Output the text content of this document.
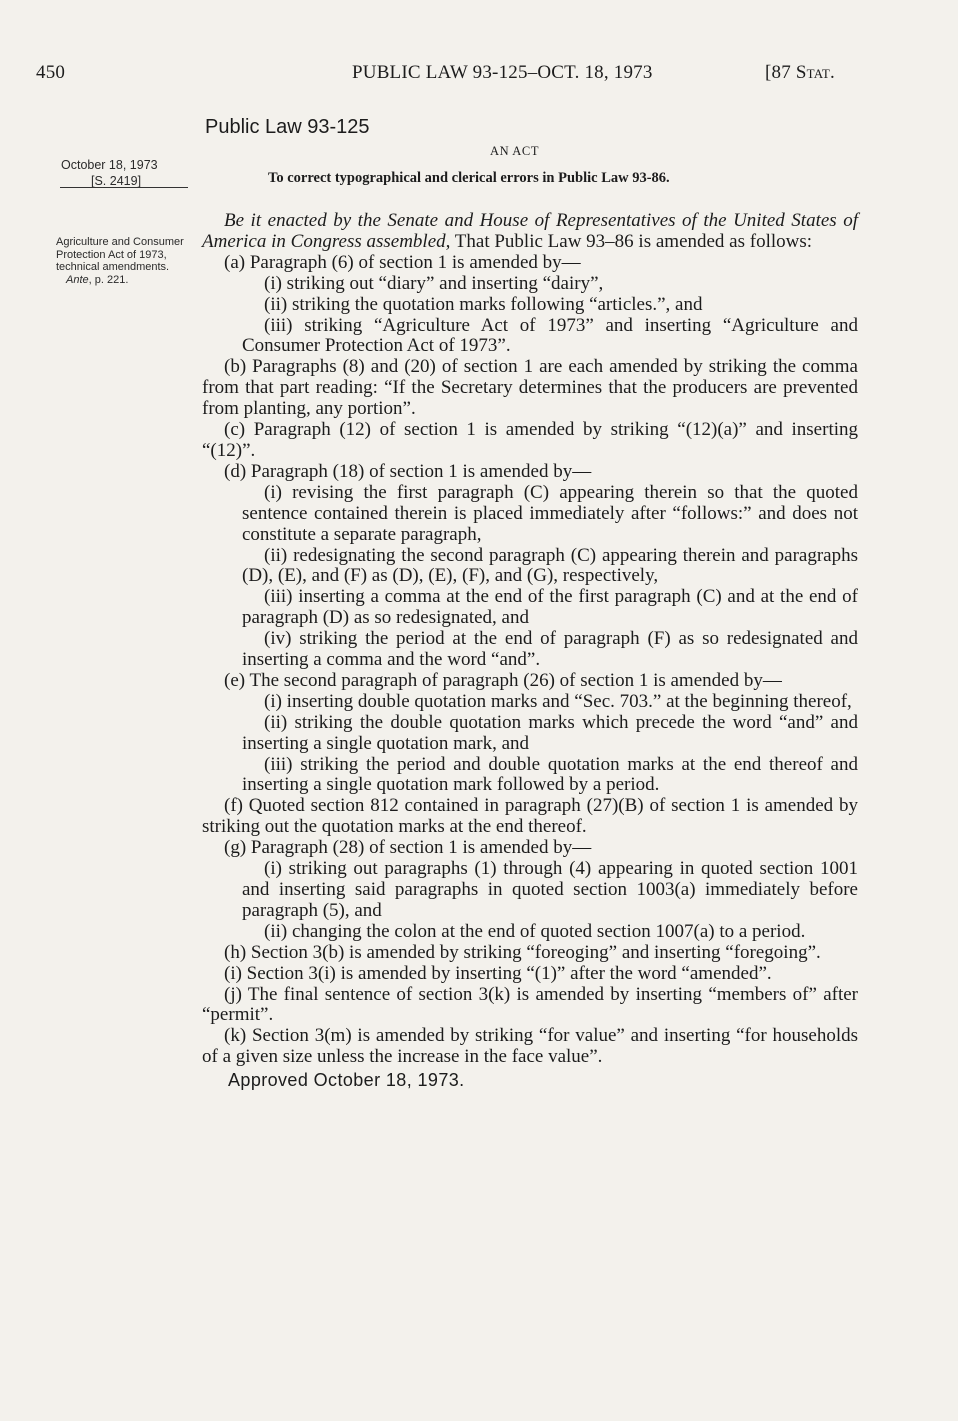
450	PUBLIC LAW 93-125–OCT. 18, 1973	[87 Stat.
October 18, 1973
[S. 2419]
Agriculture and Consumer Protection Act of 1973, technical amendments.
Ante, p. 221.
Public Law 93-125
AN ACT
To correct typographical and clerical errors in Public Law 93-86.

Be it enacted by the Senate and House of Representatives of the United States of America in Congress assembled, That Public Law 93–86 is amended as follows:

(a) Paragraph (6) of section 1 is amended by—

(i) striking out “diary” and inserting “dairy”,

(ii) striking the quotation marks following “articles.”, and

(iii) striking “Agriculture Act of 1973” and inserting “Agriculture and Consumer Protection Act of 1973”.

(b) Paragraphs (8) and (20) of section 1 are each amended by striking the comma from that part reading: “If the Secretary determines that the producers are prevented from planting, any portion”.

(c) Paragraph (12) of section 1 is amended by striking “(12)(a)” and inserting “(12)”.

(d) Paragraph (18) of section 1 is amended by—

(i) revising the first paragraph (C) appearing therein so that the quoted sentence contained therein is placed immediately after “follows:” and does not constitute a separate paragraph,

(ii) redesignating the second paragraph (C) appearing therein and paragraphs (D), (E), and (F) as (D), (E), (F), and (G), respectively,

(iii) inserting a comma at the end of the first paragraph (C) and at the end of paragraph (D) as so redesignated, and

(iv) striking the period at the end of paragraph (F) as so redesignated and inserting a comma and the word “and”.

(e) The second paragraph of paragraph (26) of section 1 is amended by—

(i) inserting double quotation marks and “Sec. 703.” at the beginning thereof,

(ii) striking the double quotation marks which precede the word “and” and inserting a single quotation mark, and

(iii) striking the period and double quotation marks at the end thereof and inserting a single quotation mark followed by a period.

(f) Quoted section 812 contained in paragraph (27)(B) of section 1 is amended by striking out the quotation marks at the end thereof.

(g) Paragraph (28) of section 1 is amended by—

(i) striking out paragraphs (1) through (4) appearing in quoted section 1001 and inserting said paragraphs in quoted section 1003(a) immediately before paragraph (5), and

(ii) changing the colon at the end of quoted section 1007(a) to a period.

(h) Section 3(b) is amended by striking “foreoging” and inserting “foregoing”.

(i) Section 3(i) is amended by inserting “(1)” after the word “amended”.

(j) The final sentence of section 3(k) is amended by inserting “members of” after “permit”.

(k) Section 3(m) is amended by striking “for value” and inserting “for households of a given size unless the increase in the face value”.

Approved October 18, 1973.
